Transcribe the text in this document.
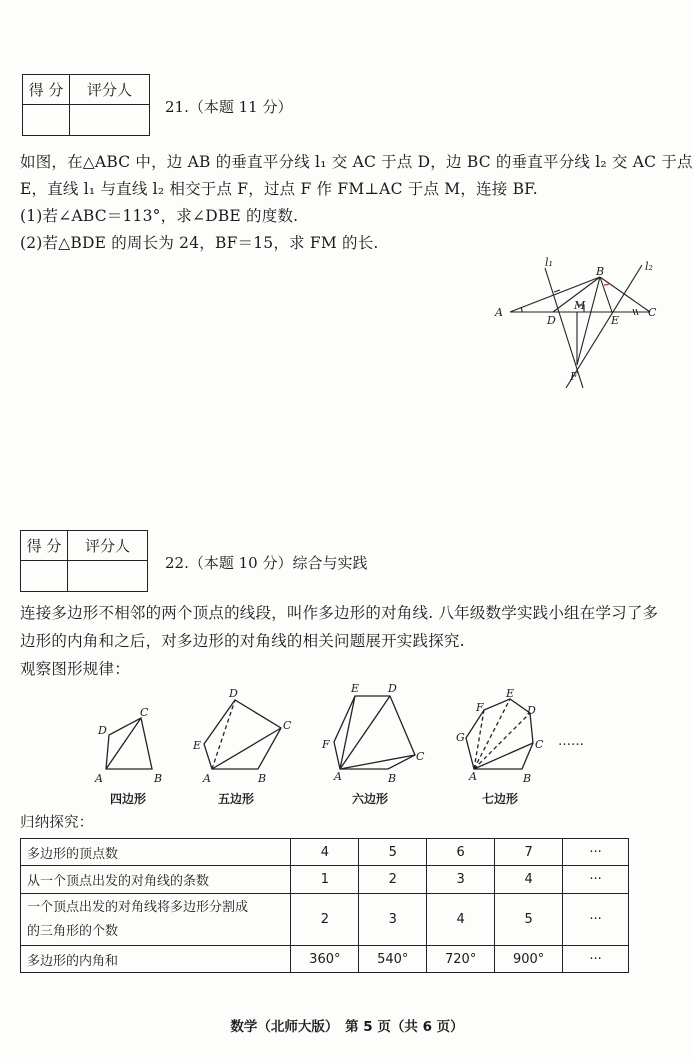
得 分	评分人

21.（本题 11 分）
如图，在△ABC 中，边 AB 的垂直平分线 l₁ 交 AC 于点 D，边 BC 的垂直平分线 l₂ 交 AC 于点
E，直线 l₁ 与直线 l₂ 相交于点 F，过点 F 作 FM⊥AC 于点 M，连接 BF.
(1)若∠ABC＝113°，求∠DBE 的度数.
(2)若△BDE 的周长为 24，BF＝15，求 FM 的长.
l₁	l₂
B
A	C
D	E
M
F
得 分	评分人

22.（本题 10 分）综合与实践
连接多边形不相邻的两个顶点的线段，叫作多边形的对角线. 八年级数学实践小组在学习了多
边形的内角和之后，对多边形的对角线的相关问题展开实践探究.
观察图形规律：
A	B
C
D
A	B
C
D
E
A	B
C
D
E
F
A	B
C
D
E
F
G	……
四边形	五边形	六边形	七边形
归纳探究：
多边形的顶点数	4	5	6	7	···
从一个顶点出发的对角线的条数	1	2	3	4	···
一个顶点出发的对角线将多边形分割成的三角形的个数	2	3	4	5	···
多边形的内角和	360°	540°	720°	900°	···
数学（北师大版）　第 5 页（共 6 页）
